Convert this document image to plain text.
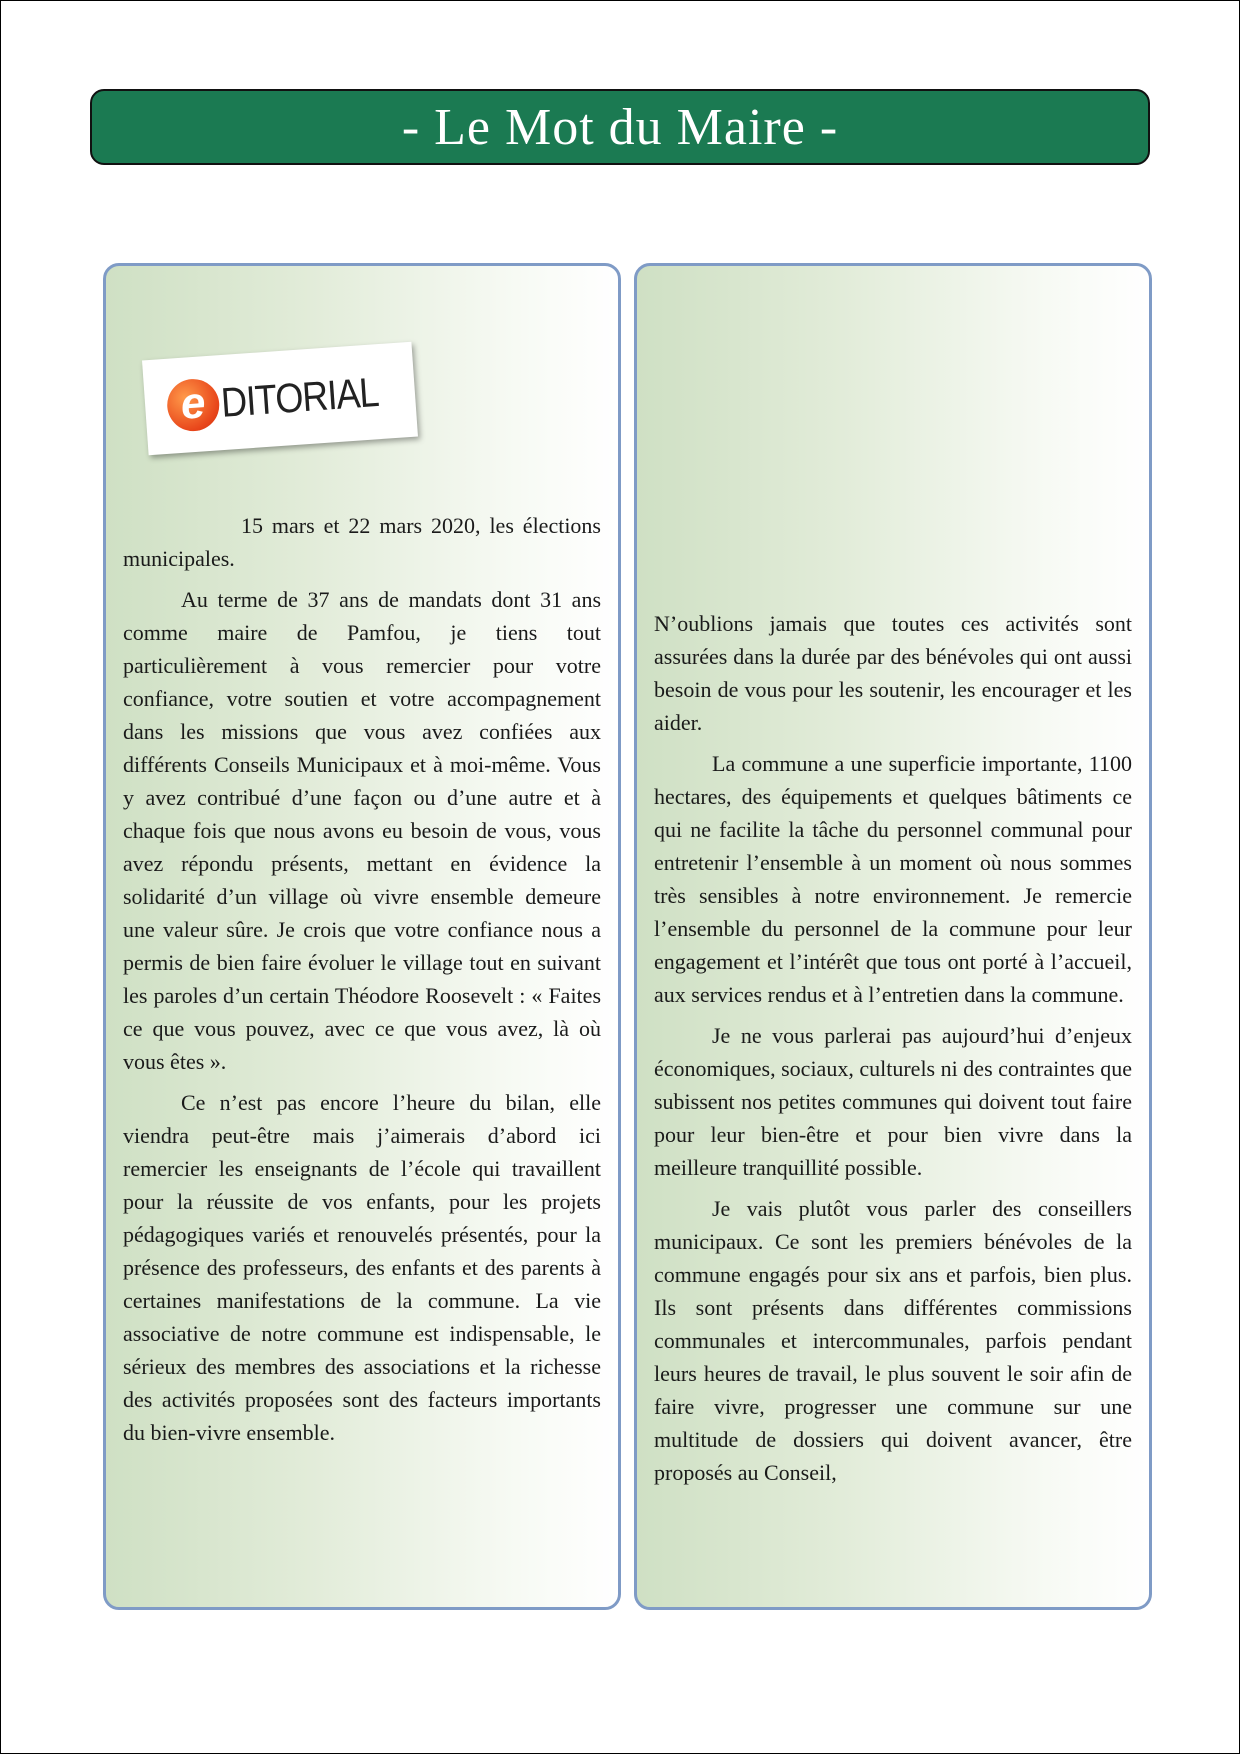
- Le Mot du Maire -
e DITORIAL

15 mars et 22 mars 2020, les élections municipales.

Au terme de 37 ans de mandats dont 31 ans comme maire de Pamfou, je tiens tout particulièrement à vous remercier pour votre confiance, votre soutien et votre accompagnement dans les missions que vous avez confiées aux différents Conseils Municipaux et à moi-même. Vous y avez contribué d’une façon ou d’une autre et à chaque fois que nous avons eu besoin de vous, vous avez répondu présents, mettant en évidence la solidarité d’un village où vivre ensemble demeure une valeur sûre. Je crois que votre confiance nous a permis de bien faire évoluer le village tout en suivant les paroles d’un certain Théodore Roosevelt : « Faites ce que vous pouvez, avec ce que vous avez, là où vous êtes ».

Ce n’est pas encore l’heure du bilan, elle viendra peut-être mais j’aimerais d’abord ici remercier les enseignants de l’école qui travaillent pour la réussite de vos enfants, pour les projets pédagogiques variés et renouvelés présentés, pour la présence des professeurs, des enfants et des parents à certaines manifestations de la commune. La vie associative de notre commune est indispensable, le sérieux des membres des associations et la richesse des activités proposées sont des facteurs importants du bien-vivre ensemble.

N’oublions jamais que toutes ces activités sont assurées dans la durée par des bénévoles qui ont aussi besoin de vous pour les soutenir, les encourager et les aider.

La commune a une superficie importante, 1100 hectares, des équipements et quelques bâtiments ce qui ne facilite la tâche du personnel communal pour entretenir l’ensemble à un moment où nous sommes très sensibles à notre environnement. Je remercie l’ensemble du personnel de la commune pour leur engagement et l’intérêt que tous ont porté à l’accueil, aux services rendus et à l’entretien dans la commune.

Je ne vous parlerai pas aujourd’hui d’enjeux économiques, sociaux, culturels ni des contraintes que subissent nos petites communes qui doivent tout faire pour leur bien-être et pour bien vivre dans la meilleure tranquillité possible.

Je vais plutôt vous parler des conseillers municipaux. Ce sont les premiers bénévoles de la commune engagés pour six ans et parfois, bien plus. Ils sont présents dans différentes commissions communales et intercommunales, parfois pendant leurs heures de travail, le plus souvent le soir afin de faire vivre, progresser une commune sur une multitude de dossiers qui doivent avancer, être proposés au Conseil,
